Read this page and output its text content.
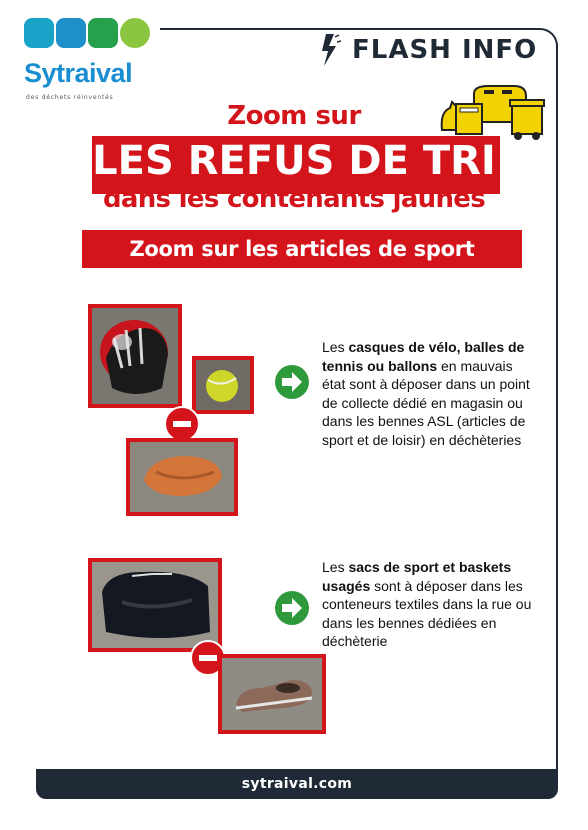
Sytraival
des déchets réinventés
FLASH INFO
Zoom sur
LES REFUS DE TRI
dans les contenants jaunes
Zoom sur les articles de sport
Les casques de vélo, balles de tennis ou ballons en mauvais état sont à déposer dans un point de collecte dédié en magasin ou dans les bennes ASL (articles de sport et de loisir) en déchèteries
Les sacs de sport et baskets usagés sont à déposer dans les conteneurs textiles dans la rue ou dans les bennes dédiées en déchèterie
sytraival.com
